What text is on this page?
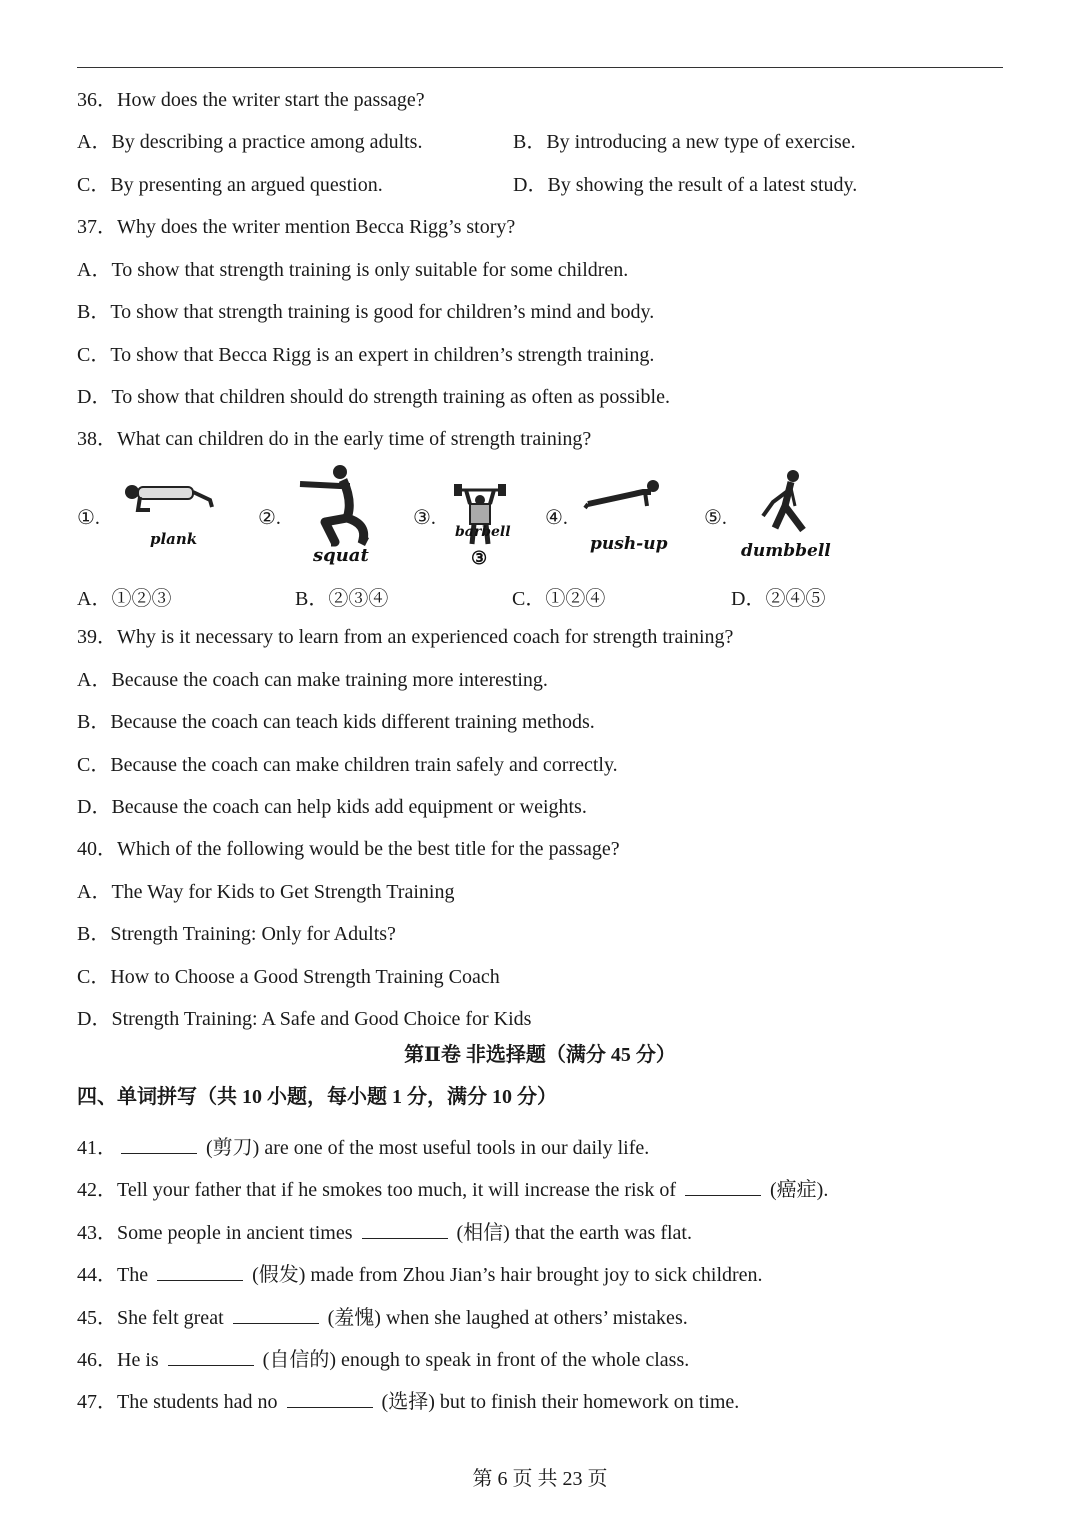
36．How does the writer start the passage?
A．By describing a practice among adults.	B．By introducing a new type of exercise.
C．By presenting an argued question.	D．By showing the result of a latest study.
37．Why does the writer mention Becca Rigg’s story?
A．To show that strength training is only suitable for some children.
B．To show that strength training is good for children’s mind and body.
C．To show that Becca Rigg is an expert in children’s strength training.
D．To show that children should do strength training as often as possible.
38．What can children do in the early time of strength training?
①.
plank
②.
squat
③.
barbell
③
④.
push-up
⑤.
dumbbell
A．①②③	B．②③④	C．①②④	D．②④⑤
39．Why is it necessary to learn from an experienced coach for strength training?
A．Because the coach can make training more interesting.
B．Because the coach can teach kids different training methods.
C．Because the coach can make children train safely and correctly.
D．Because the coach can help kids add equipment or weights.
40．Which of the following would be the best title for the passage?
A．The Way for Kids to Get Strength Training
B．Strength Training: Only for Adults?
C．How to Choose a Good Strength Training Coach
D．Strength Training: A Safe and Good Choice for Kids
第Ⅱ卷 非选择题（满分 45 分）
四、单词拼写（共 10 小题，每小题 1 分，满分 10 分）
41．	(剪刀) are one of the most useful tools in our daily life.
42．Tell your father that if he smokes too much, it will increase the risk of	(癌症).
43．Some people in ancient times	(相信) that the earth was flat.
44．The	(假发) made from Zhou Jian’s hair brought joy to sick children.
45．She felt great	(羞愧) when she laughed at others’ mistakes.
46．He is	(自信的) enough to speak in front of the whole class.
47．The students had no	(选择) but to finish their homework on time.
第 6 页 共 23 页
